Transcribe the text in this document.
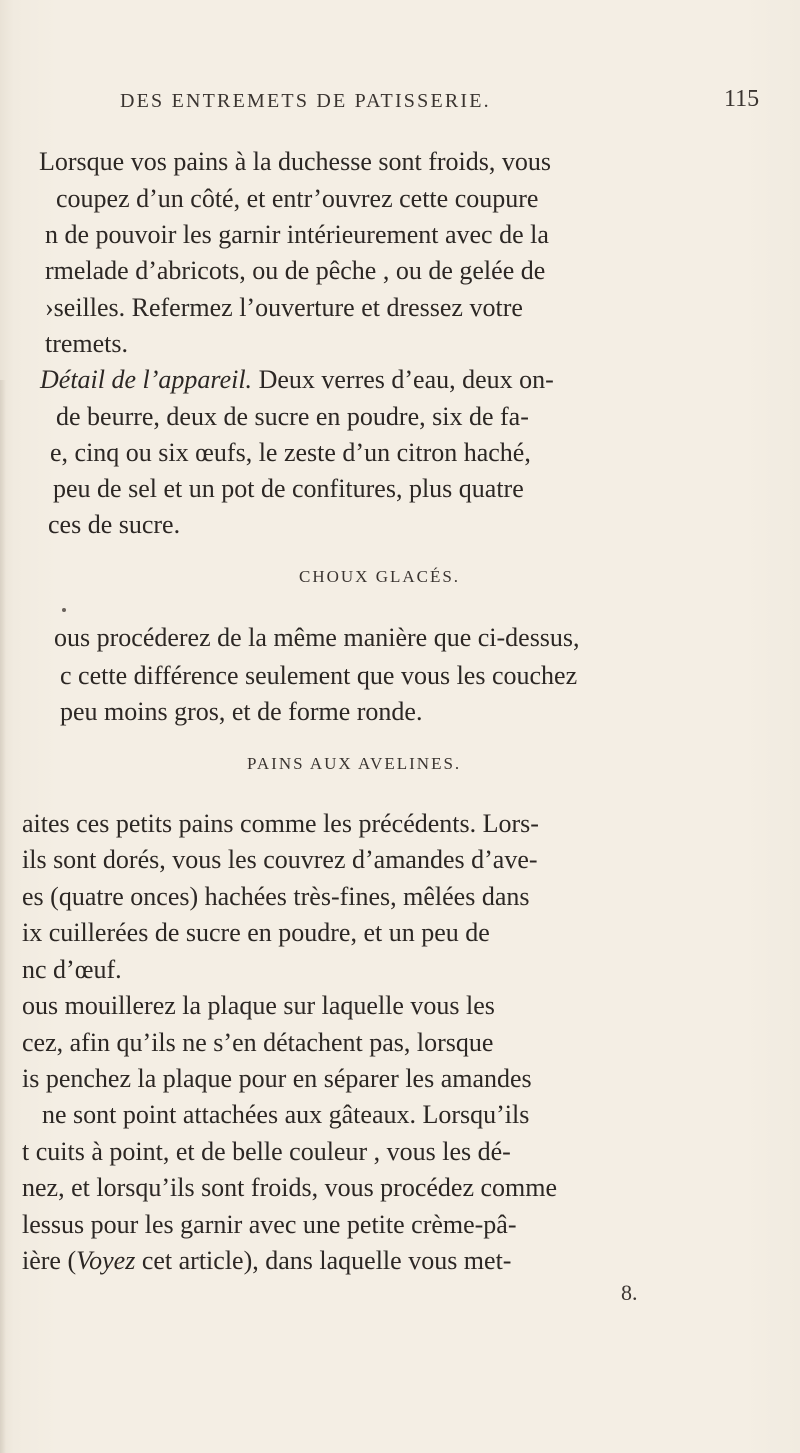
DES ENTREMETS DE PATISSERIE.	115
Lorsque vos pains à la duchesse sont froids, vous
coupez d’un côté, et entr’ouvrez cette coupure
n de pouvoir les garnir intérieurement avec de la
rmelade d’abricots, ou de pêche , ou de gelée de
›seilles. Refermez l’ouverture et dressez votre
tremets.
Détail de l’appareil. Deux verres d’eau, deux on-
de beurre, deux de sucre en poudre, six de fa-
e, cinq ou six œufs, le zeste d’un citron haché,
peu de sel et un pot de confitures, plus quatre
ces de sucre.
CHOUX GLACÉS.
ous procéderez de la même manière que ci-dessus,
c cette différence seulement que vous les couchez
peu moins gros, et de forme ronde.
PAINS AUX AVELINES.
aites ces petits pains comme les précédents. Lors-
ils sont dorés, vous les couvrez d’amandes d’ave-
es (quatre onces) hachées très-fines, mêlées dans
ix cuillerées de sucre en poudre, et un peu de
nc d’œuf.
ous mouillerez la plaque sur laquelle vous les
cez, afin qu’ils ne s’en détachent pas, lorsque
is penchez la plaque pour en séparer les amandes
ne sont point attachées aux gâteaux. Lorsqu’ils
t cuits à point, et de belle couleur , vous les dé-
nez, et lorsqu’ils sont froids, vous procédez comme
lessus pour les garnir avec une petite crème-pâ-
ière (Voyez cet article), dans laquelle vous met-
8.
